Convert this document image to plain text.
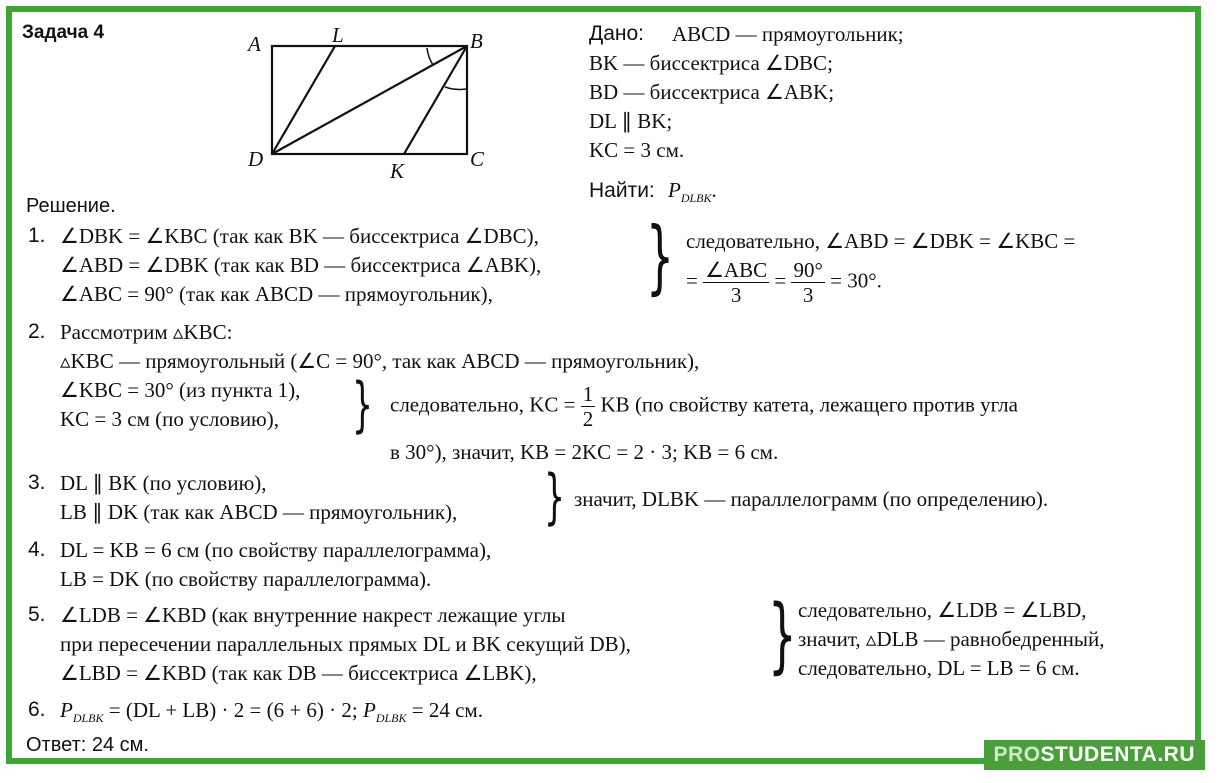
Задача 4	A	L	B
D	K	C
Дано: ABCD — прямоугольник;
BK — биссектриса ∠DBC;
BD — биссектриса ∠ABK;
DL ∥ BK;
KC = 3 см.
Найти: $P_{DLBK}$.
Решение.
1. ∠DBK = ∠KBC (так как BK — биссектриса ∠DBC),
∠ABD = ∠DBK (так как BD — биссектриса ∠ABK),
∠ABC = 90° (так как ABCD — прямоугольник), } следовательно, ∠ABD = ∠DBK = ∠KBC =
= $\frac{\text{∠ABC}}{3} = \frac{90^\circ}{3} = 30^\circ$.
2. Рассмотрим ▵KBC:
▵KBC — прямоугольный (∠C = 90°, так как ABCD — прямоугольник),
∠KBC = 30° (из пункта 1),
KC = 3 см (по условию), } следовательно, KC = $\frac{1}{2}$ KB (по свойству катета, лежащего против угла
в 30°), значит, KB = 2KC = 2 · 3; KB = 6 см.
3. DL ∥ BK (по условию),
LB ∥ DK (так как ABCD — прямоугольник), } значит, DLBK — параллелограмм (по определению).
4. DL = KB = 6 см (по свойству параллелограмма),
LB = DK (по свойству параллелограмма).
5. ∠LDB = ∠KBD (как внутренние накрест лежащие углы
при пересечении параллельных прямых DL и BK секущий DB),
∠LBD = ∠KBD (так как DB — биссектриса ∠LBK),	} следовательно, ∠LDB = ∠LBD,
значит, ▵DLB — равнобедренный,
следовательно, DL = LB = 6 см.
6. $P_{DLBK} = (DL + LB) \cdot 2 = (6 + 6) \cdot 2$; $P_{DLBK} = 24$ см.
Ответ: 24 см.	PROSTUDENTA.RU
